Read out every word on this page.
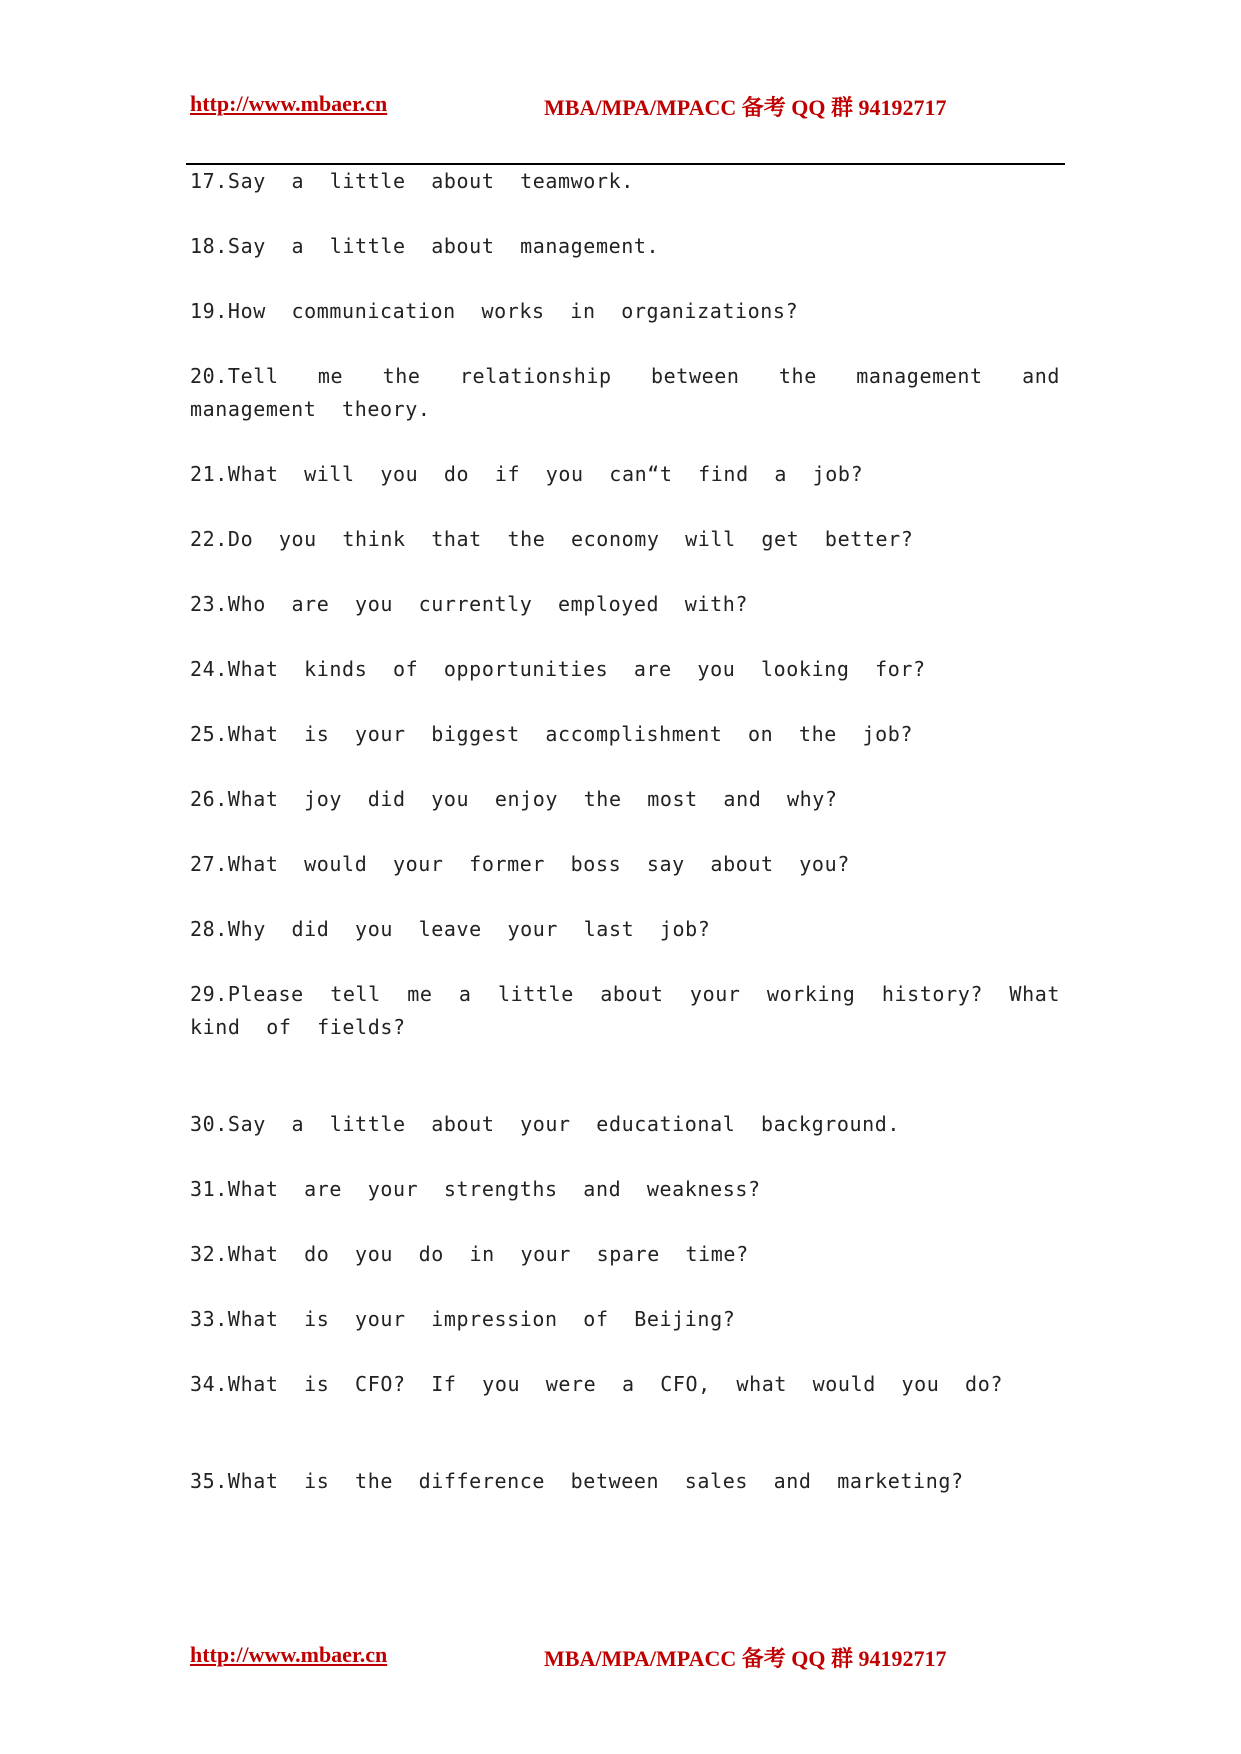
http://www.mbaer.cn	MBA/MPA/MPACC 备考 QQ 群 94192717
17.Say a little about teamwork.
18.Say a little about management.
19.How communication works in organizations?
20.Tell me the relationship between the management and management theory.
21.What will you do if you can“t find a job?
22.Do you think that the economy will get better?
23.Who are you currently employed with?
24.What kinds of opportunities are you looking for?
25.What is your biggest accomplishment on the job?
26.What joy did you enjoy the most and why?
27.What would your former boss say about you?
28.Why did you leave your last job?
29.Please tell me a little about your working history? What kind of fields?
30.Say a little about your educational background.
31.What are your strengths and weakness?
32.What do you do in your spare time?
33.What is your impression of Beijing?
34.What is CFO? If you were a CFO, what would you do?
35.What is the difference between sales and marketing?
http://www.mbaer.cn	MBA/MPA/MPACC 备考 QQ 群 94192717
